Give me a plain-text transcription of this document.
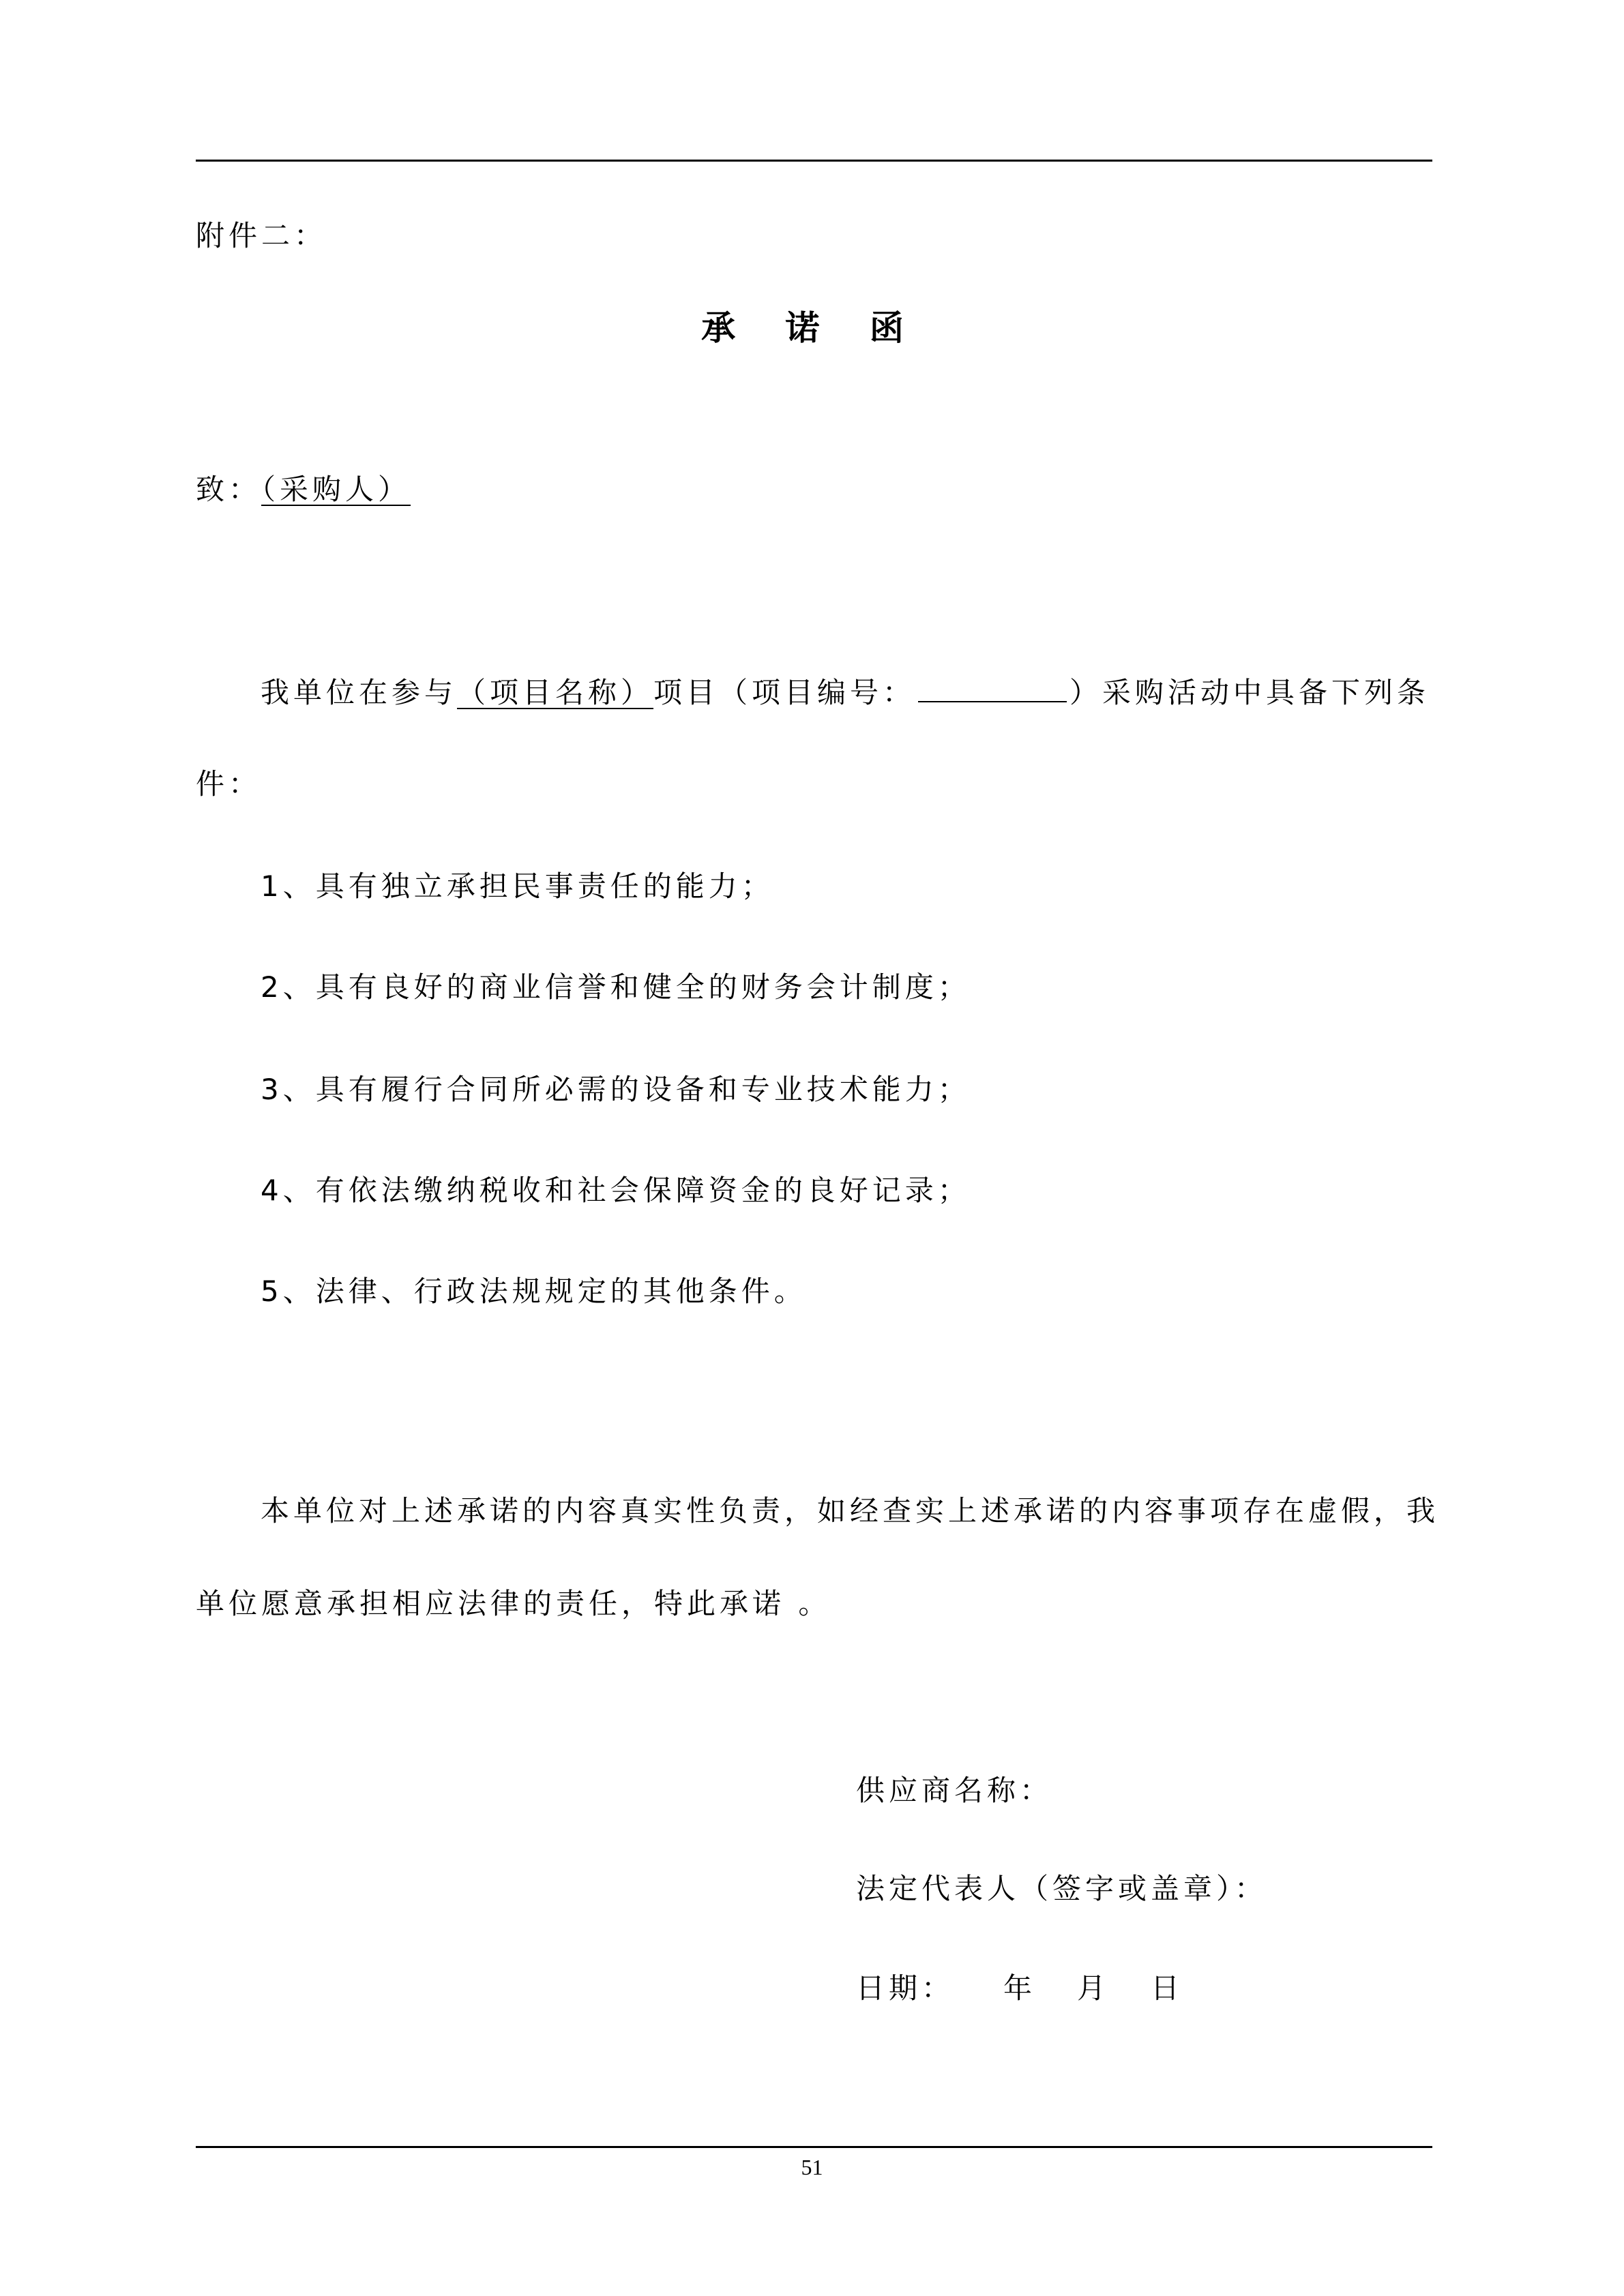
附件二：

承 诺 函

致：（采购人）

我单位在参与（项目名称）项目（项目编号：	）采购活动中具备下列条

件：

1、具有独立承担民事责任的能力；

2、具有良好的商业信誉和健全的财务会计制度；

3、具有履行合同所必需的设备和专业技术能力；

4、有依法缴纳税收和社会保障资金的良好记录；

5、法律、行政法规规定的其他条件。

本单位对上述承诺的内容真实性负责，如经查实上述承诺的内容事项存在虚假，我

单位愿意承担相应法律的责任，特此承诺 。

供应商名称：

法定代表人（签字或盖章）：

日期： 年 月 日

51
